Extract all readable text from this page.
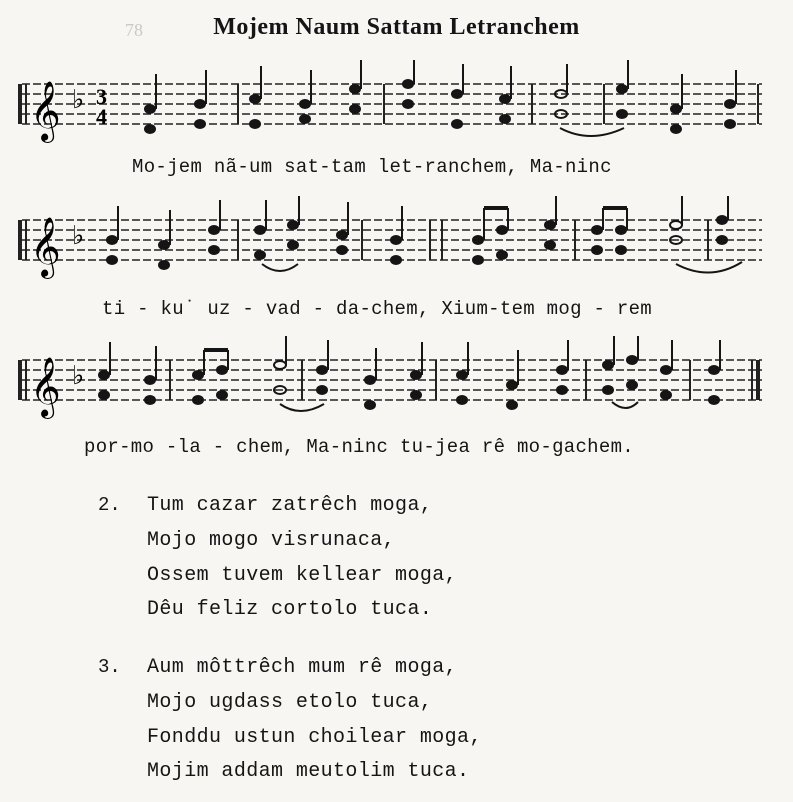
78	Mojem Naum Sattam Letranchem
𝄞 ♭ 3
4
Mo-jem nã-um sat-tam let-ranchem, Ma-ninc
𝄞 ♭
ti - ku˙ uz - vad - da-chem, Xium-tem mog - rem
𝄞 ♭
por-mo -la - chem, Ma-ninc tu-jea rê mo-gachem.
2. Tum cazar zatrêch moga,
Mojo mogo visrunaca,
Ossem tuvem kellear moga,
Dêu feliz cortolo tuca.
3. Aum môttrêch mum rê moga,
Mojo ugdass etolo tuca,
Fonddu ustun choilear moga,
Mojim addam meutolim tuca.
